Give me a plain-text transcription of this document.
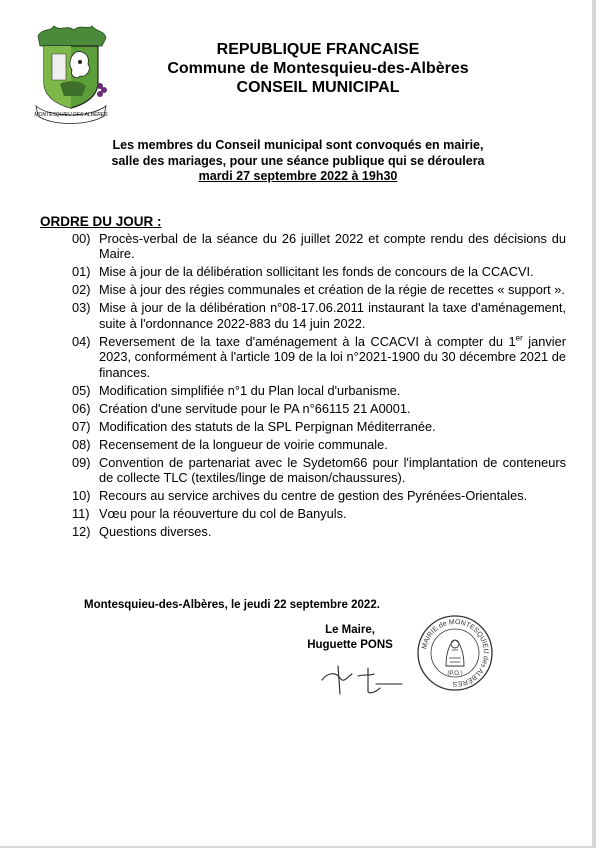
MONTESQUIEU DES ALBÈRES
REPUBLIQUE FRANCAISE
Commune de Montesquieu-des-Albères
CONSEIL MUNICIPAL
Les membres du Conseil municipal sont convoqués en mairie,
salle des mariages, pour une séance publique qui se déroulera
mardi 27 septembre 2022 à 19h30
ORDRE DU JOUR :
00) Procès-verbal de la séance du 26 juillet 2022 et compte rendu des décisions du Maire.
01) Mise à jour de la délibération sollicitant les fonds de concours de la CCACVI.
02) Mise à jour des régies communales et création de la régie de recettes « support ».
03) Mise à jour de la délibération n°08-17.06.2011 instaurant la taxe d'aménagement, suite à l'ordonnance 2022-883 du 14 juin 2022.
04) Reversement de la taxe d'aménagement à la CCACVI à compter du 1er janvier 2023, conformément à l'article 109 de la loi n°2021-1900 du 30 décembre 2021 de finances.
05) Modification simplifiée n°1 du Plan local d'urbanisme.
06) Création d'une servitude pour le PA n°66115 21 A0001.
07) Modification des statuts de la SPL Perpignan Méditerranée.
08) Recensement de la longueur de voirie communale.
09) Convention de partenariat avec le Sydetom66 pour l'implantation de conteneurs de collecte TLC (textiles/linge de maison/chaussures).
10) Recours au service archives du centre de gestion des Pyrénées-Orientales.
11) Vœu pour la réouverture du col de Banyuls.
12) Questions diverses.
Montesquieu-des-Albères, le jeudi 22 septembre 2022.
Le Maire,
Huguette PONS	MAIRIE de MONTESQUIEU des ALBÈRES
(P.O.)
